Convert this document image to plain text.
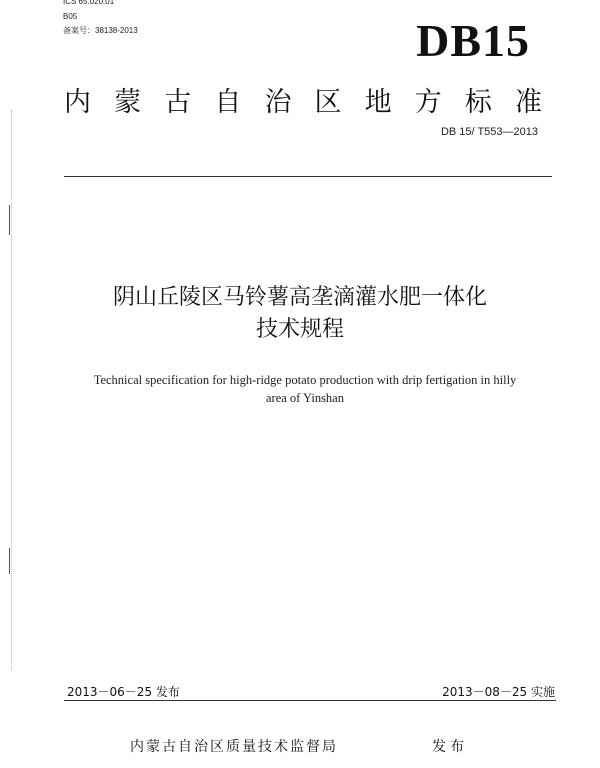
ICS 65.020.01
B05
备案号：38138-2013	DB15
内 蒙 古 自 治 区 地 方 标 准
DB 15/ T553—2013
阴山丘陵区马铃薯高垄滴灌水肥一体化
技术规程
Technical specification for high-ridge potato production with drip fertigation in hilly
area of Yinshan
2013－06－25 发布	2013－08－25 实施
内蒙古自治区质量技术监督局	发布
